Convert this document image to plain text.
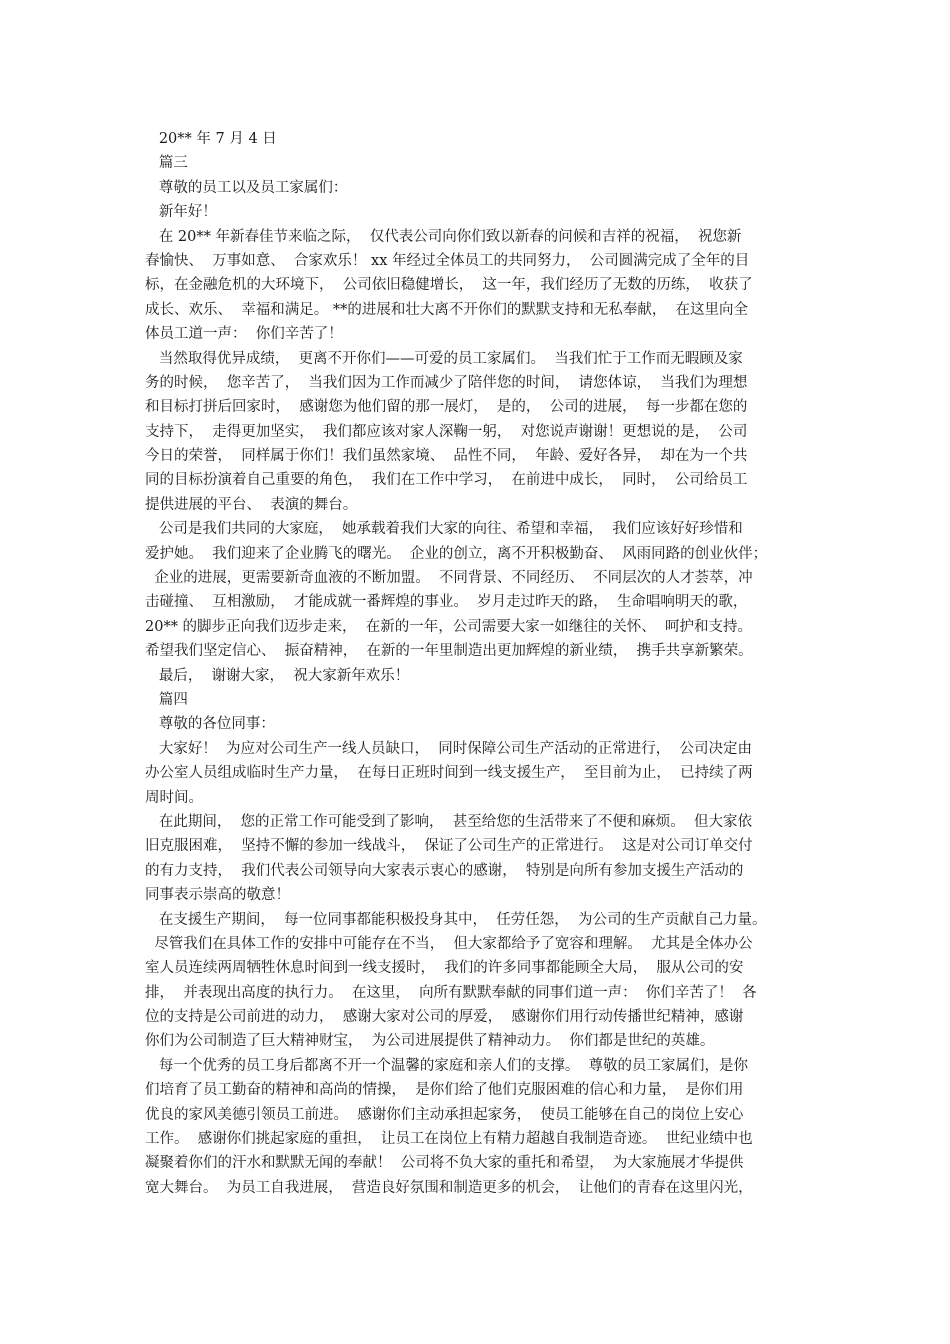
20** 年 7 月 4 日
篇三
尊敬的员工以及员工家属们：
新年好！
在 20** 年新春佳节来临之际，  仅代表公司向你们致以新春的问候和吉祥的祝福，  祝您新
春愉快、  万事如意、  合家欢乐！ xx 年经过全体员工的共同努力，  公司圆满完成了全年的目
标，在金融危机的大环境下，  公司依旧稳健增长，  这一年，我们经历了无数的历练，  收获了
成长、欢乐、  幸福和满足。 **的进展和壮大离不开你们的默默支持和无私奉献，  在这里向全
体员工道一声：  你们辛苦了！
当然取得优异成绩，  更离不开你们——可爱的员工家属们。  当我们忙于工作而无暇顾及家
务的时候，  您辛苦了，  当我们因为工作而减少了陪伴您的时间，  请您体谅，  当我们为理想
和目标打拼后回家时，  感谢您为他们留的那一展灯，  是的，  公司的进展，  每一步都在您的
支持下，  走得更加坚实，  我们都应该对家人深鞠一躬，  对您说声谢谢！更想说的是，  公司
今日的荣誉，  同样属于你们！我们虽然家境、  品性不同，  年龄、爱好各异，  却在为一个共
同的目标扮演着自己重要的角色，  我们在工作中学习，  在前进中成长，  同时，  公司给员工
提供进展的平台、  表演的舞台。
公司是我们共同的大家庭，  她承载着我们大家的向往、希望和幸福，  我们应该好好珍惜和
爱护她。  我们迎来了企业腾飞的曙光。  企业的创立，离不开积极勤奋、  风雨同路的创业伙伴；
企业的进展，更需要新奇血液的不断加盟。  不同背景、不同经历、  不同层次的人才荟萃，冲
击碰撞、  互相激励，  才能成就一番辉煌的事业。  岁月走过昨天的路，  生命唱响明天的歌，
20** 的脚步正向我们迈步走来，  在新的一年，公司需要大家一如继往的关怀、  呵护和支持。
希望我们坚定信心、  振奋精神，  在新的一年里制造出更加辉煌的新业绩，  携手共享新繁荣。
最后，  谢谢大家，  祝大家新年欢乐！
篇四
尊敬的各位同事：
大家好！  为应对公司生产一线人员缺口，  同时保障公司生产活动的正常进行，  公司决定由
办公室人员组成临时生产力量，  在每日正班时间到一线支援生产，  至目前为止，  已持续了两
周时间。
在此期间，  您的正常工作可能受到了影响，  甚至给您的生活带来了不便和麻烦。  但大家依
旧克服困难，  坚持不懈的参加一线战斗，  保证了公司生产的正常进行。  这是对公司订单交付
的有力支持，  我们代表公司领导向大家表示衷心的感谢，  特别是向所有参加支援生产活动的
同事表示崇高的敬意！
在支援生产期间，  每一位同事都能积极投身其中，  任劳任怨，  为公司的生产贡献自己力量。
尽管我们在具体工作的安排中可能存在不当，  但大家都给予了宽容和理解。  尤其是全体办公
室人员连续两周牺牲休息时间到一线支援时，  我们的许多同事都能顾全大局，  服从公司的安
排，  并表现出高度的执行力。  在这里，  向所有默默奉献的同事们道一声：  你们辛苦了！  各
位的支持是公司前进的动力，  感谢大家对公司的厚爱，  感谢你们用行动传播世纪精神，感谢
你们为公司制造了巨大精神财宝，  为公司进展提供了精神动力。  你们都是世纪的英雄。
每一个优秀的员工身后都离不开一个温馨的家庭和亲人们的支撑。  尊敬的员工家属们，是你
们培育了员工勤奋的精神和高尚的情操，  是你们给了他们克服困难的信心和力量，  是你们用
优良的家风美德引领员工前进。  感谢你们主动承担起家务，  使员工能够在自己的岗位上安心
工作。  感谢你们挑起家庭的重担，  让员工在岗位上有精力超越自我制造奇迹。  世纪业绩中也
凝聚着你们的汗水和默默无闻的奉献！  公司将不负大家的重托和希望，  为大家施展才华提供
宽大舞台。  为员工自我进展，  营造良好氛围和制造更多的机会，  让他们的青春在这里闪光，
